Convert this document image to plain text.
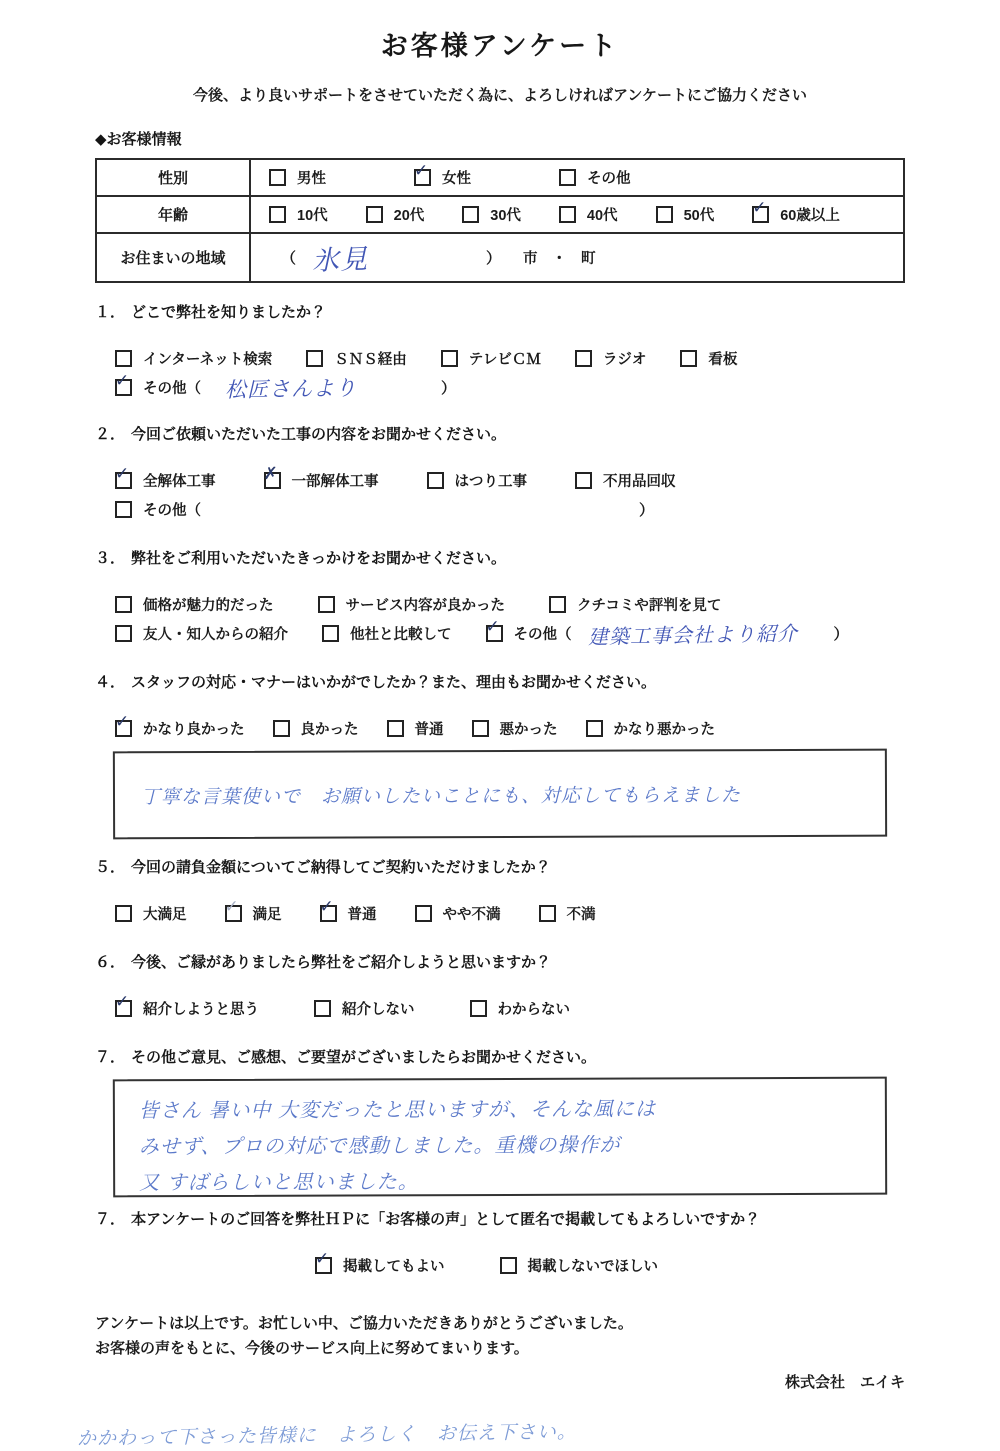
お客様アンケート
今後、より良いサポートをさせていただく為に、よろしければアンケートにご協力ください
◆お客様情報
性別	男性	✓ 女性	その他
年齢	10代	20代	30代	40代	50代 ✓ 60歳以上
お住まいの地域	（ 氷見	） 市　・　町
１． どこで弊社を知りましたか？
インターネット検索	ＳＮＳ経由	テレビＣＭ	ラジオ	看板
✓ その他（ 松匠さんより	）
２． 今回ご依頼いただいた工事の内容をお聞かせください。
✓ 全解体工事	✗ 一部解体工事	はつり工事	不用品回収
その他（	）
３． 弊社をご利用いただいたきっかけをお聞かせください。
価格が魅力的だった	サービス内容が良かった	クチコミや評判を見て
友人・知人からの紹介	他社と比較して ✓ その他（ 建築工事会社より紹介 ）
４． スタッフの対応・マナーはいかがでしたか？また、理由もお聞かせください。
✓ かなり良かった	良かった	普通	悪かった	かなり悪かった
丁寧な言葉使いで　お願いしたいことにも、対応してもらえました
５． 今回の請負金額についてご納得してご契約いただけましたか？
大満足 ✓ 満足 ✓ 普通	やや不満	不満
６． 今後、ご縁がありましたら弊社をご紹介しようと思いますか？
✓ 紹介しようと思う	紹介しない	わからない
７． その他ご意見、ご感想、ご要望がございましたらお聞かせください。
皆さん 暑い中 大変だったと思いますが、そんな風には
みせず、プロの対応で感動しました。重機の操作が
又 すばらしいと思いました。
７． 本アンケートのご回答を弊社ＨＰに「お客様の声」として匿名で掲載してもよろしいですか？
✓ 掲載してもよい	掲載しないでほしい
アンケートは以上です。お忙しい中、ご協力いただきありがとうございました。
お客様の声をもとに、今後のサービス向上に努めてまいります。
株式会社　エイキ
かかわって下さった皆様に　よろしく　お伝え下さい。
